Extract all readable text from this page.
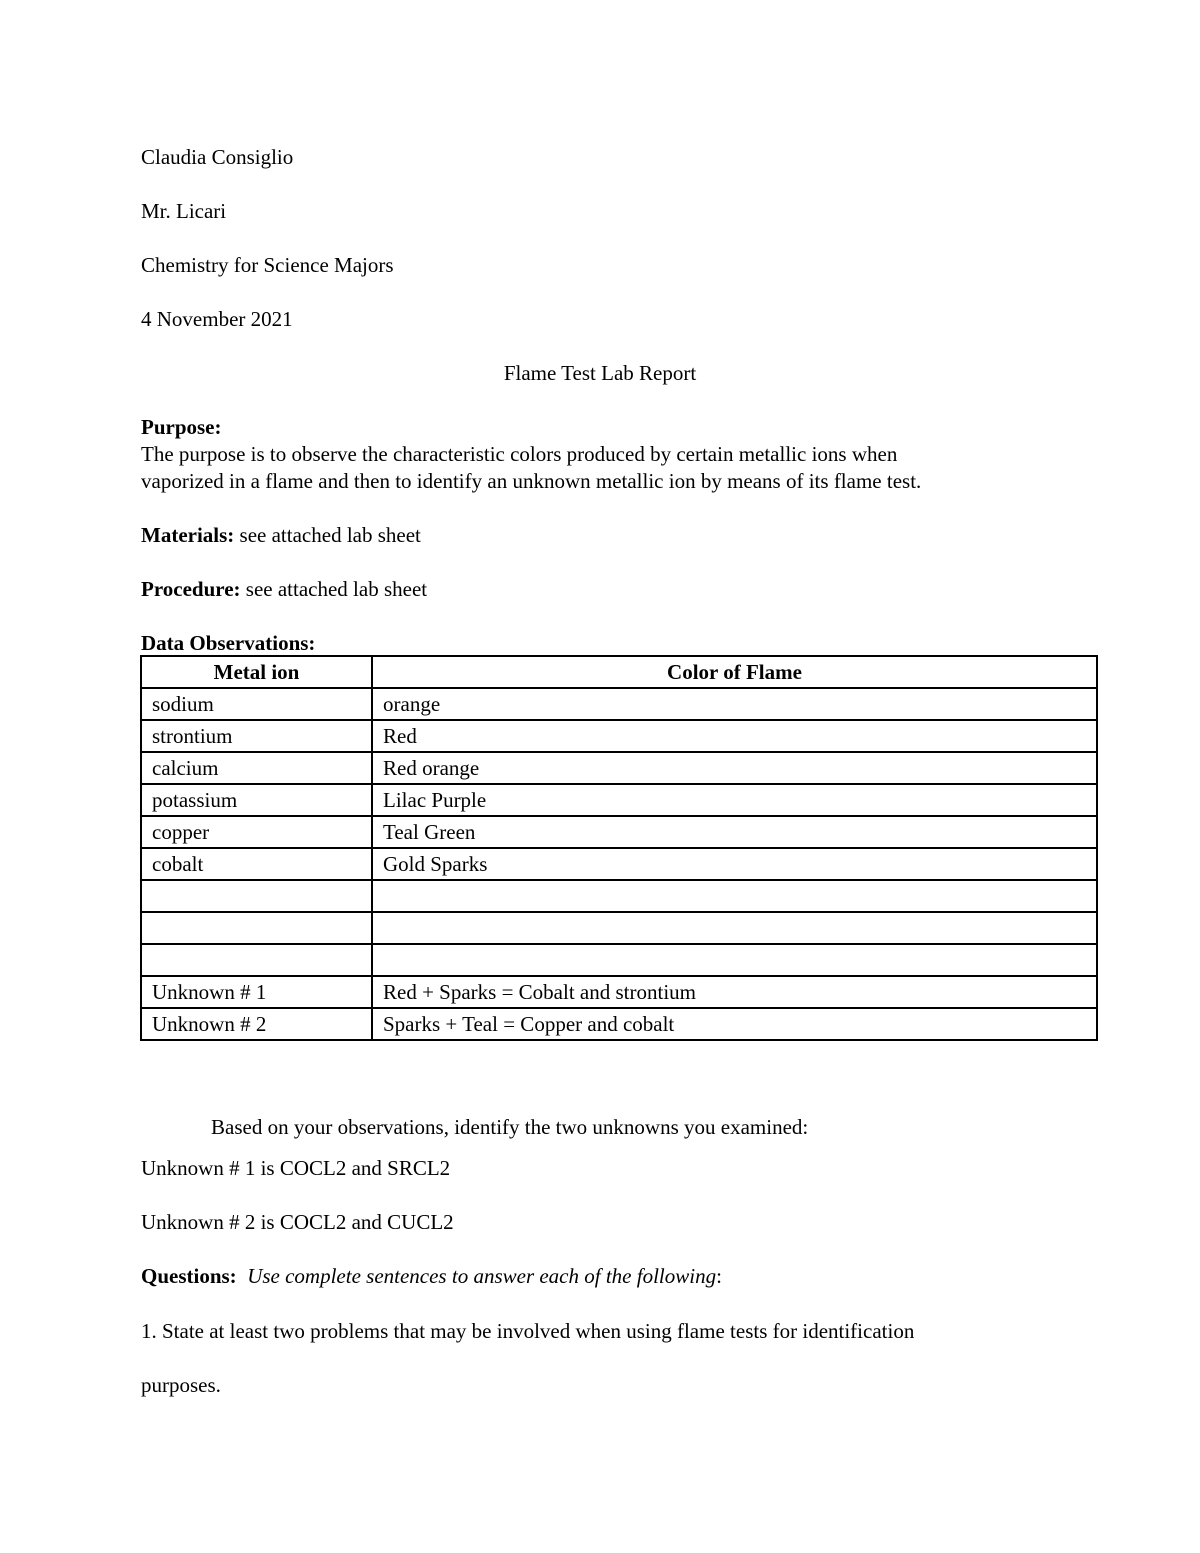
Claudia Consiglio
Mr. Licari
Chemistry for Science Majors
4 November 2021
Flame Test Lab Report
Purpose:
The purpose is to observe the characteristic colors produced by certain metallic ions when
vaporized in a flame and then to identify an unknown metallic ion by means of its flame test.
Materials: see attached lab sheet
Procedure: see attached lab sheet
Data Observations:
Metal ion	Color of Flame
sodium	orange
strontium	Red
calcium	Red orange
potassium	Lilac Purple
copper	Teal Green
cobalt	Gold Sparks

Unknown # 1	Red + Sparks = Cobalt and strontium
Unknown # 2	Sparks + Teal = Copper and cobalt
Based on your observations, identify the two unknowns you examined:
Unknown # 1 is COCL2 and SRCL2
Unknown # 2 is COCL2 and CUCL2
Questions: Use complete sentences to answer each of the following:
1. State at least two problems that may be involved when using flame tests for identification
purposes.
